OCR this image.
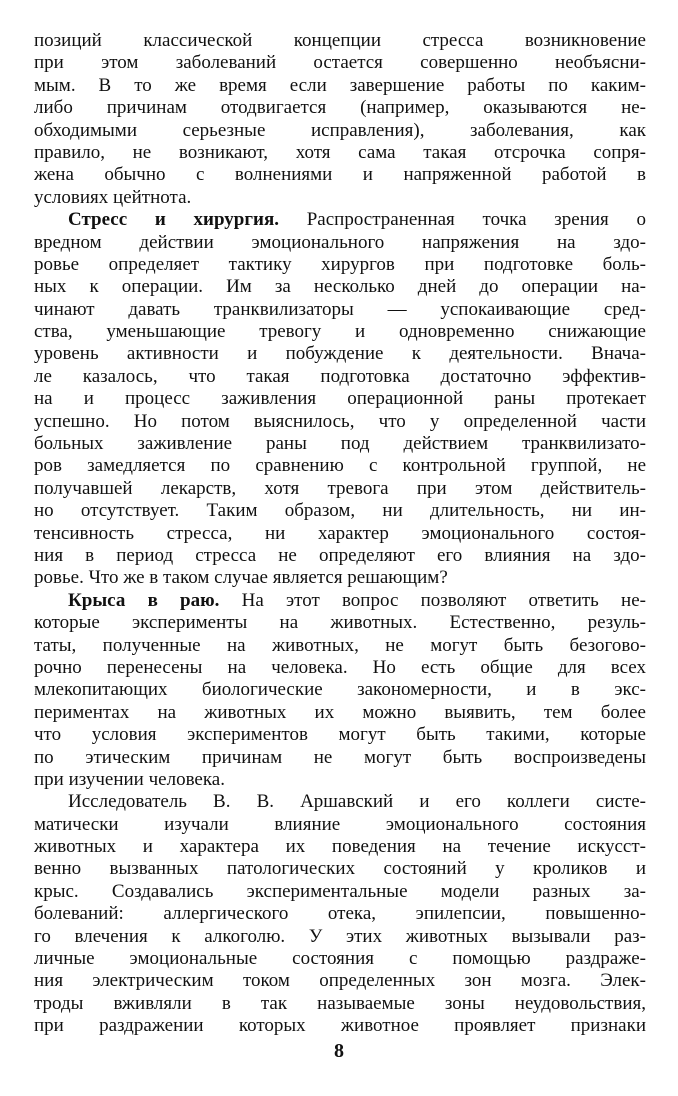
позиций классической концепции стресса возникновение
при этом заболеваний остается совершенно необъясни-
мым. В то же время если завершение работы по каким-
либо причинам отодвигается (например, оказываются не-
обходимыми серьезные исправления), заболевания, как
правило, не возникают, хотя сама такая отсрочка сопря-
жена обычно с волнениями и напряженной работой в
условиях цейтнота.
Стресс и хирургия. Распространенная точка зрения о
вредном действии эмоционального напряжения на здо-
ровье определяет тактику хирургов при подготовке боль-
ных к операции. Им за несколько дней до операции на-
чинают давать транквилизаторы — успокаивающие сред-
ства, уменьшающие тревогу и одновременно снижающие
уровень активности и побуждение к деятельности. Внача-
ле казалось, что такая подготовка достаточно эффектив-
на и процесс заживления операционной раны протекает
успешно. Но потом выяснилось, что у определенной части
больных заживление раны под действием транквилизато-
ров замедляется по сравнению с контрольной группой, не
получавшей лекарств, хотя тревога при этом действитель-
но отсутствует. Таким образом, ни длительность, ни ин-
тенсивность стресса, ни характер эмоционального состоя-
ния в период стресса не определяют его влияния на здо-
ровье. Что же в таком случае является решающим?
Крыса в раю. На этот вопрос позволяют ответить не-
которые эксперименты на животных. Естественно, резуль-
таты, полученные на животных, не могут быть безогово-
рочно перенесены на человека. Но есть общие для всех
млекопитающих биологические закономерности, и в экс-
периментах на животных их можно выявить, тем более
что условия экспериментов могут быть такими, которые
по этическим причинам не могут быть воспроизведены
при изучении человека.
Исследователь В. В. Аршавский и его коллеги систе-
матически изучали влияние эмоционального состояния
животных и характера их поведения на течение искусст-
венно вызванных патологических состояний у кроликов и
крыс. Создавались экспериментальные модели разных за-
болеваний: аллергического отека, эпилепсии, повышенно-
го влечения к алкоголю. У этих животных вызывали раз-
личные эмоциональные состояния с помощью раздраже-
ния электрическим током определенных зон мозга. Элек-
троды вживляли в так называемые зоны неудовольствия,
при раздражении которых животное проявляет признаки
8
